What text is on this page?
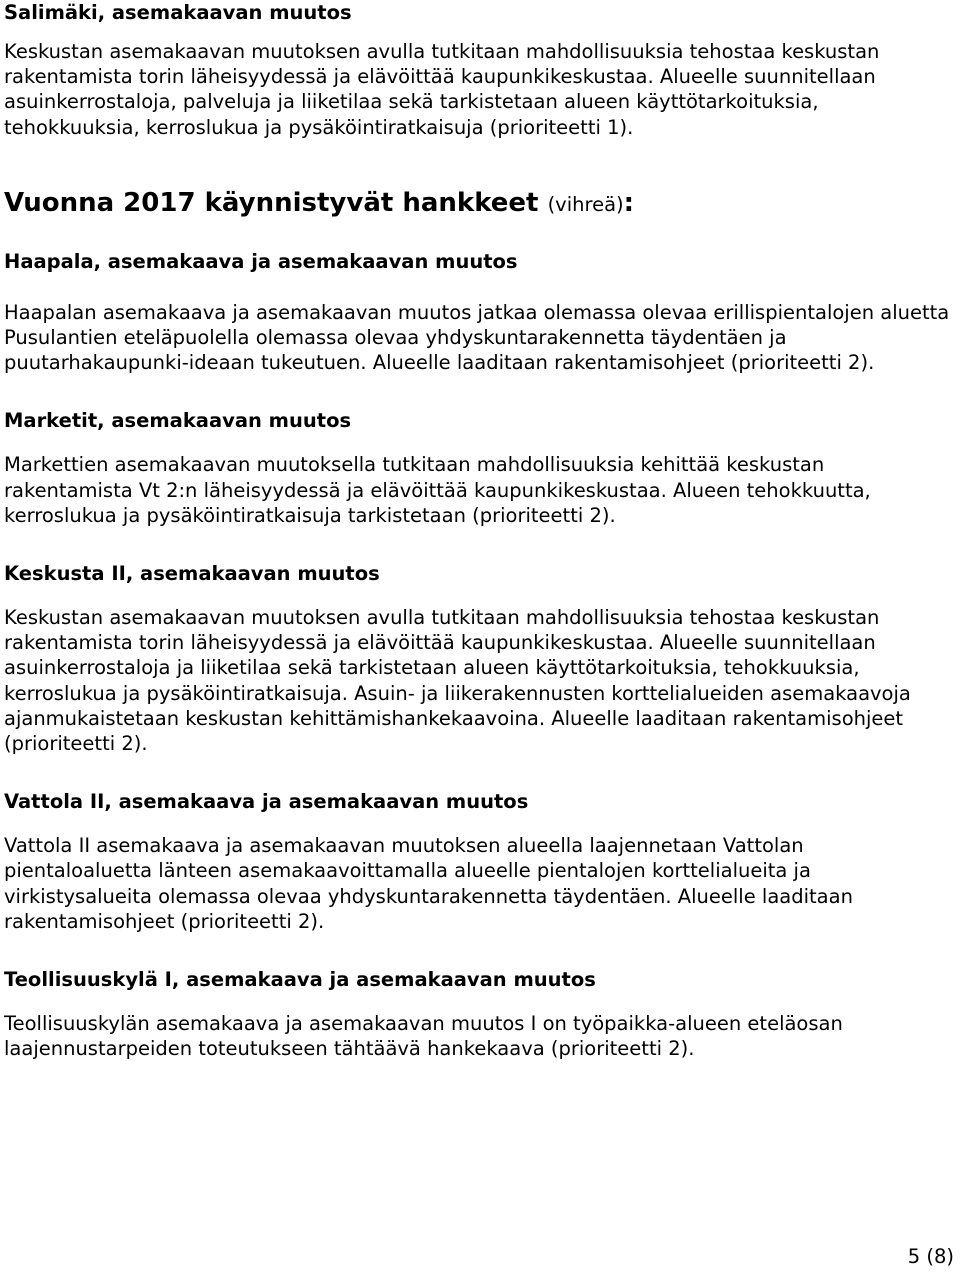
Salimäki, asemakaavan muutos

Keskustan asemakaavan muutoksen avulla tutkitaan mahdollisuuksia tehostaa keskustan rakentamista torin läheisyydessä ja elävöittää kaupunkikeskustaa. Alueelle suunnitellaan asuinkerrostaloja, palveluja ja liiketilaa sekä tarkistetaan alueen käyttötarkoituksia, tehokkuuksia, kerroslukua ja pysäköintiratkaisuja (prioriteetti 1).

Vuonna 2017 käynnistyvät hankkeet (vihreä):

Haapala, asemakaava ja asemakaavan muutos

Haapalan asemakaava ja asemakaavan muutos jatkaa olemassa olevaa erillispientalojen aluetta Pusulantien eteläpuolella olemassa olevaa yhdyskuntarakennetta täydentäen ja puutarhakaupunki-ideaan tukeutuen. Alueelle laaditaan rakentamisohjeet (prioriteetti 2).

Marketit, asemakaavan muutos

Markettien asemakaavan muutoksella tutkitaan mahdollisuuksia kehittää keskustan rakentamista Vt 2:n läheisyydessä ja elävöittää kaupunkikeskustaa. Alueen tehokkuutta, kerroslukua ja pysäköintiratkaisuja tarkistetaan (prioriteetti 2).

Keskusta II, asemakaavan muutos

Keskustan asemakaavan muutoksen avulla tutkitaan mahdollisuuksia tehostaa keskustan rakentamista torin läheisyydessä ja elävöittää kaupunkikeskustaa. Alueelle suunnitellaan asuinkerrostaloja ja liiketilaa sekä tarkistetaan alueen käyttötarkoituksia, tehokkuuksia, kerroslukua ja pysäköintiratkaisuja. Asuin- ja liikerakennusten korttelialueiden asemakaavoja ajanmukaistetaan keskustan kehittämishankekaavoina. Alueelle laaditaan rakentamisohjeet (prioriteetti 2).

Vattola II, asemakaava ja asemakaavan muutos

Vattola II asemakaava ja asemakaavan muutoksen alueella laajennetaan Vattolan pientaloaluetta länteen asemakaavoittamalla alueelle pientalojen korttelialueita ja virkistysalueita olemassa olevaa yhdyskuntarakennetta täydentäen. Alueelle laaditaan rakentamisohjeet (prioriteetti 2).

Teollisuuskylä I, asemakaava ja asemakaavan muutos

Teollisuuskylän asemakaava ja asemakaavan muutos I on työpaikka-alueen eteläosan laajennustarpeiden toteutukseen tähtäävä hankekaava (prioriteetti 2).

5 (8)
